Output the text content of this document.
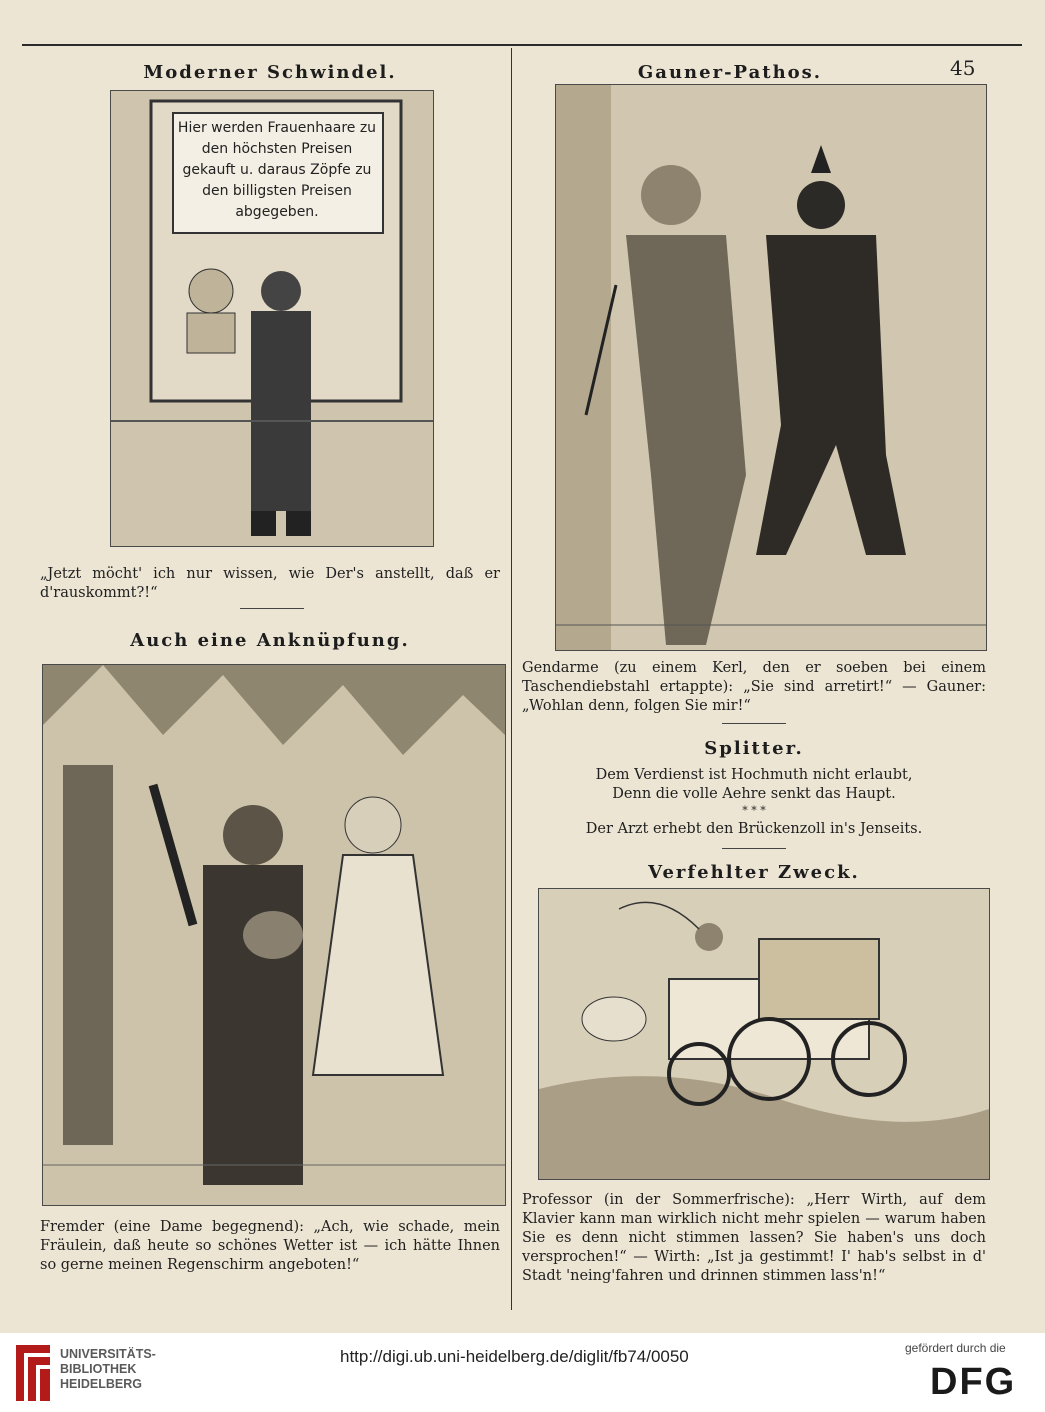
45
Moderner Schwindel.
Hier werden Frauenhaare zu den höchsten Preisen gekauft u. daraus Zöpfe zu den billigsten Preisen abgegeben.
„Jetzt möcht' ich nur wissen, wie Der's anstellt, daß er d'rauskommt?!“
Auch eine Anknüpfung.
Fremder (eine Dame begegnend): „Ach, wie schade, mein Fräulein, daß heute so schönes Wetter ist — ich hätte Ihnen so gerne meinen Regenschirm angeboten!“
Gauner-Pathos.
Gendarme (zu einem Kerl, den er soeben bei einem Taschendiebstahl ertappte): „Sie sind arretirt!“ — Gauner: „Wohlan denn, folgen Sie mir!“
Splitter.
Dem Verdienst ist Hochmuth nicht erlaubt,
Denn die volle Aehre senkt das Haupt.
* * *
Der Arzt erhebt den Brückenzoll in's Jenseits.
Verfehlter Zweck.
Professor (in der Sommerfrische): „Herr Wirth, auf dem Klavier kann man wirklich nicht mehr spielen — warum haben Sie es denn nicht stimmen lassen? Sie haben's uns doch versprochen!“ — Wirth: „Ist ja gestimmt! I' hab's selbst in d' Stadt 'neing'fahren und drinnen stimmen lass'n!“
UNIVERSITÄTS-
BIBLIOTHEK
HEIDELBERG
http://digi.ub.uni-heidelberg.de/diglit/fb74/0050	gefördert durch die
DFG
